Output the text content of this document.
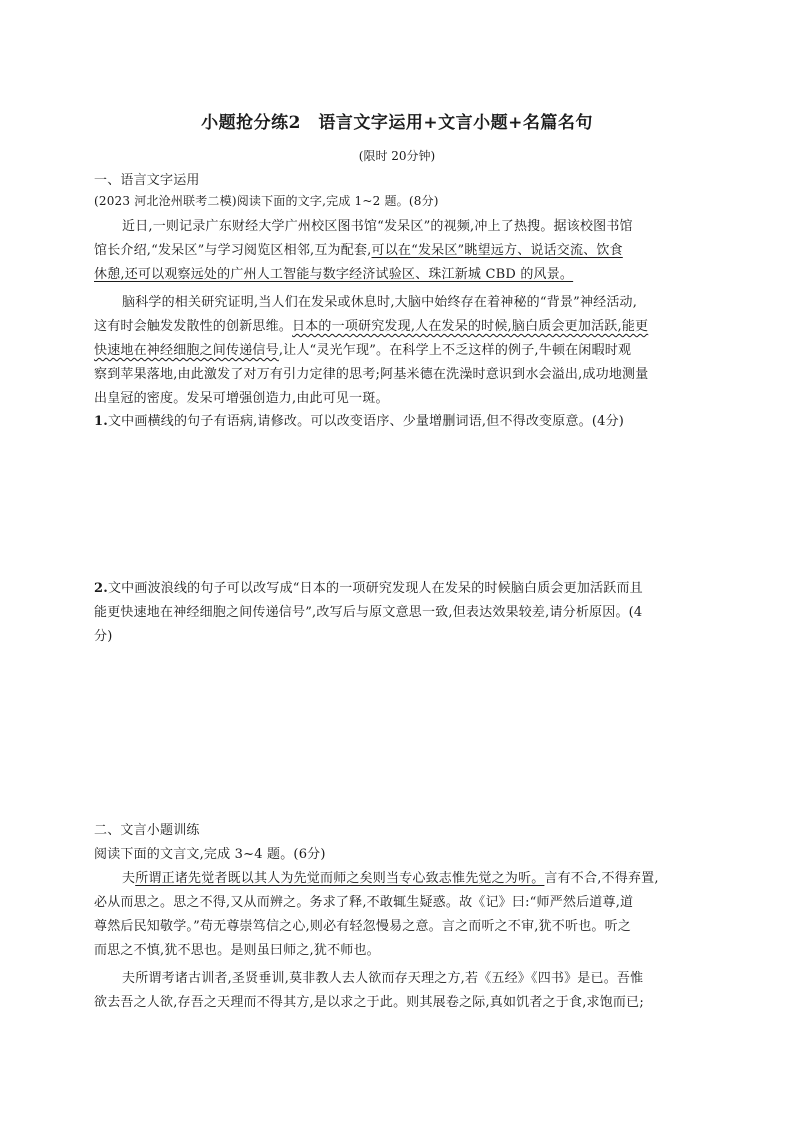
小题抢分练2　语言文字运用+文言小题+名篇名句
(限时 20分钟)
一、语言文字运用
(2023 河北沧州联考二模)阅读下面的文字,完成 1~2 题。(8分)
近日,一则记录广东财经大学广州校区图书馆“发呆区”的视频,冲上了热搜。据该校图书馆
馆长介绍,“发呆区”与学习阅览区相邻,互为配套,可以在“发呆区”眺望远方、说话交流、饮食
休憩,还可以观察远处的广州人工智能与数字经济试验区、珠江新城 CBD 的风景。
脑科学的相关研究证明,当人们在发呆或休息时,大脑中始终存在着神秘的“背景”神经活动,
这有时会触发发散性的创新思维。日本的一项研究发现,人在发呆的时候,脑白质会更加活跃,能更
快速地在神经细胞之间传递信号,让人“灵光乍现”。在科学上不乏这样的例子,牛顿在闲暇时观
察到苹果落地,由此激发了对万有引力定律的思考;阿基米德在洗澡时意识到水会溢出,成功地测量
出皇冠的密度。发呆可增强创造力,由此可见一斑。
1.文中画横线的句子有语病,请修改。可以改变语序、少量增删词语,但不得改变原意。(4分)
2.文中画波浪线的句子可以改写成“日本的一项研究发现人在发呆的时候脑白质会更加活跃而且
能更快速地在神经细胞之间传递信号”,改写后与原文意思一致,但表达效果较差,请分析原因。(4
分)
二、文言小题训练
阅读下面的文言文,完成 3~4 题。(6分)
夫所谓正诸先觉者既以其人为先觉而师之矣则当专心致志惟先觉之为听。言有不合,不得弃置,
必从而思之。思之不得,又从而辨之。务求了释,不敢辄生疑惑。故《记》曰:“师严然后道尊,道
尊然后民知敬学。”苟无尊崇笃信之心,则必有轻忽慢易之意。言之而听之不审,犹不听也。听之
而思之不慎,犹不思也。是则虽曰师之,犹不师也。
夫所谓考诸古训者,圣贤垂训,莫非教人去人欲而存天理之方,若《五经》《四书》是已。吾惟
欲去吾之人欲,存吾之天理而不得其方,是以求之于此。则其展卷之际,真如饥者之于食,求饱而已;
